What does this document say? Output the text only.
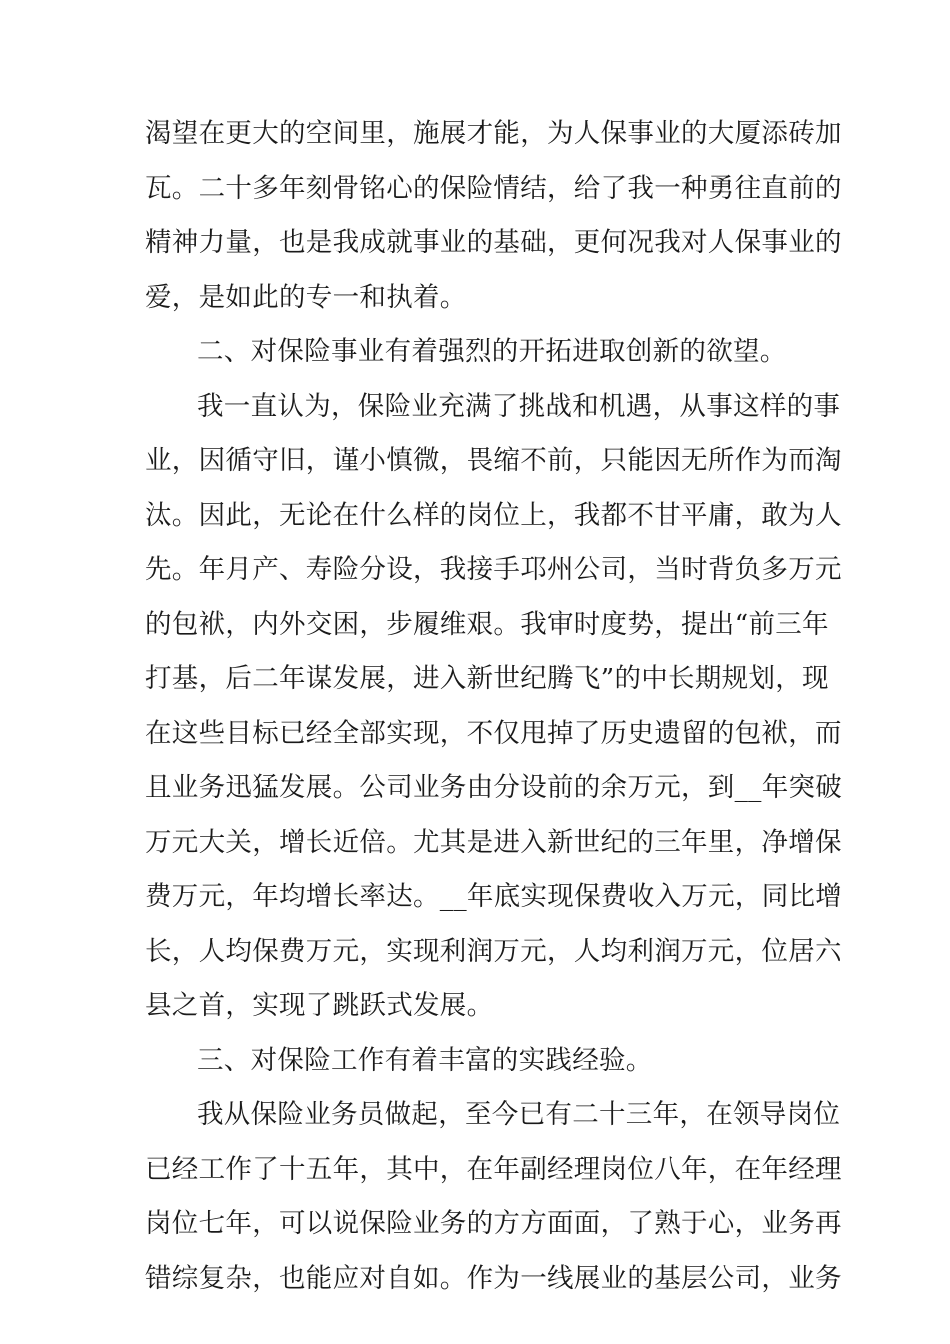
渴望在更大的空间里，施展才能，为人保事业的大厦添砖加
瓦。二十多年刻骨铭心的保险情结，给了我一种勇往直前的
精神力量，也是我成就事业的基础，更何况我对人保事业的
爱，是如此的专一和执着。
二、对保险事业有着强烈的开拓进取创新的欲望。
我一直认为，保险业充满了挑战和机遇，从事这样的事
业，因循守旧，谨小慎微，畏缩不前，只能因无所作为而淘
汰。因此，无论在什么样的岗位上，我都不甘平庸，敢为人
先。年月产、寿险分设，我接手邛州公司，当时背负多万元
的包袱，内外交困，步履维艰。我审时度势，提出“前三年
打基，后二年谋发展，进入新世纪腾飞”的中长期规划，现
在这些目标已经全部实现，不仅甩掉了历史遗留的包袱，而
且业务迅猛发展。公司业务由分设前的余万元，到__年突破
万元大关，增长近倍。尤其是进入新世纪的三年里，净增保
费万元，年均增长率达。__年底实现保费收入万元，同比增
长，人均保费万元，实现利润万元，人均利润万元，位居六
县之首，实现了跳跃式发展。
三、对保险工作有着丰富的实践经验。
我从保险业务员做起，至今已有二十三年，在领导岗位
已经工作了十五年，其中，在年副经理岗位八年，在年经理
岗位七年，可以说保险业务的方方面面，了熟于心，业务再
错综复杂，也能应对自如。作为一线展业的基层公司，业务
